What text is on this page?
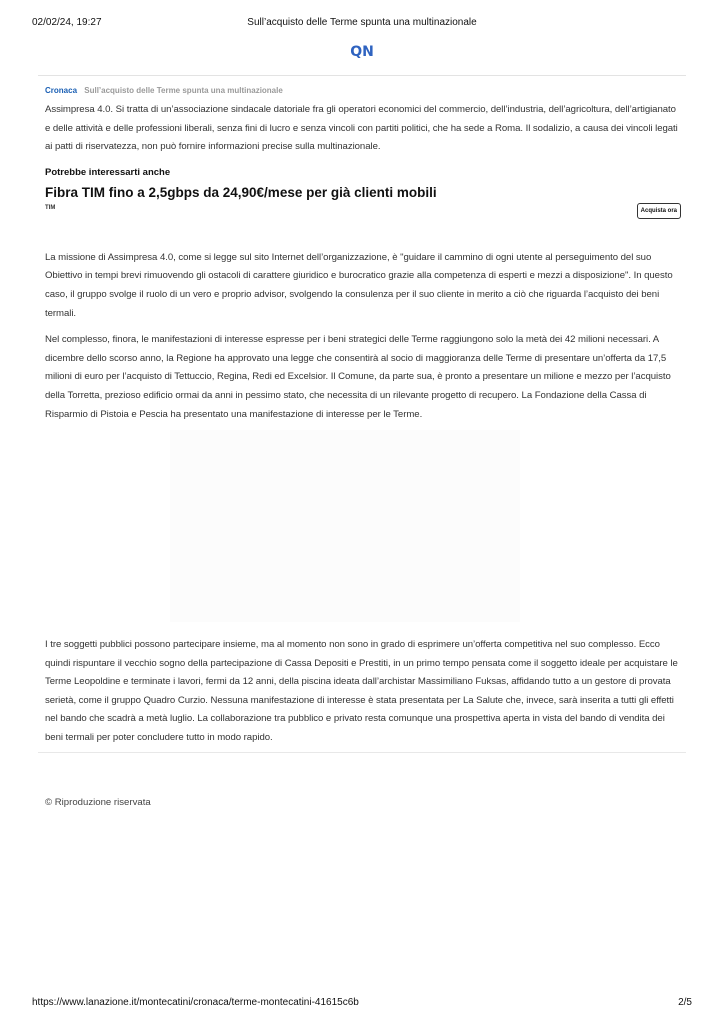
02/02/24, 19:27	Sull’acquisto delle Terme spunta una multinazionale
QN
Cronaca Sull’acquisto delle Terme spunta una multinazionale

Assimpresa 4.0. Si tratta di un’associazione sindacale datoriale fra gli operatori economici del commercio, dell’industria, dell’agricoltura, dell’artigianato e delle attività e delle professioni liberali, senza fini di lucro e senza vincoli con partiti politici, che ha sede a Roma. Il sodalizio, a causa dei vincoli legati ai patti di riservatezza, non può fornire informazioni precise sulla multinazionale.

Potrebbe interessarti anche
Fibra TIM fino a 2,5gbps da 24,90€/mese per già clienti mobili
TIM	Acquista ora

La missione di Assimpresa 4.0, come si legge sul sito Internet dell’organizzazione, è "guidare il cammino di ogni utente al perseguimento del suo Obiettivo in tempi brevi rimuovendo gli ostacoli di carattere giuridico e burocratico grazie alla competenza di esperti e mezzi a disposizione". In questo caso, il gruppo svolge il ruolo di un vero e proprio advisor, svolgendo la consulenza per il suo cliente in merito a ciò che riguarda l’acquisto dei beni termali.

Nel complesso, finora, le manifestazioni di interesse espresse per i beni strategici delle Terme raggiungono solo la metà dei 42 milioni necessari. A dicembre dello scorso anno, la Regione ha approvato una legge che consentirà al socio di maggioranza delle Terme di presentare un’offerta da 17,5 milioni di euro per l’acquisto di Tettuccio, Regina, Redi ed Excelsior. Il Comune, da parte sua, è pronto a presentare un milione e mezzo per l’acquisto della Torretta, prezioso edificio ormai da anni in pessimo stato, che necessita di un rilevante progetto di recupero. La Fondazione della Cassa di Risparmio di Pistoia e Pescia ha presentato una manifestazione di interesse per le Terme.

I tre soggetti pubblici possono partecipare insieme, ma al momento non sono in grado di esprimere un’offerta competitiva nel suo complesso. Ecco quindi rispuntare il vecchio sogno della partecipazione di Cassa Depositi e Prestiti, in un primo tempo pensata come il soggetto ideale per acquistare le Terme Leopoldine e terminate i lavori, fermi da 12 anni, della piscina ideata dall’archistar Massimiliano Fuksas, affidando tutto a un gestore di provata serietà, come il gruppo Quadro Curzio. Nessuna manifestazione di interesse è stata presentata per La Salute che, invece, sarà inserita a tutti gli effetti nel bando che scadrà a metà luglio. La collaborazione tra pubblico e privato resta comunque una prospettiva aperta in vista del bando di vendita dei beni termali per poter concludere tutto in modo rapido.

© Riproduzione riservata
https://www.lanazione.it/montecatini/cronaca/terme-montecatini-41615c6b	2/5
